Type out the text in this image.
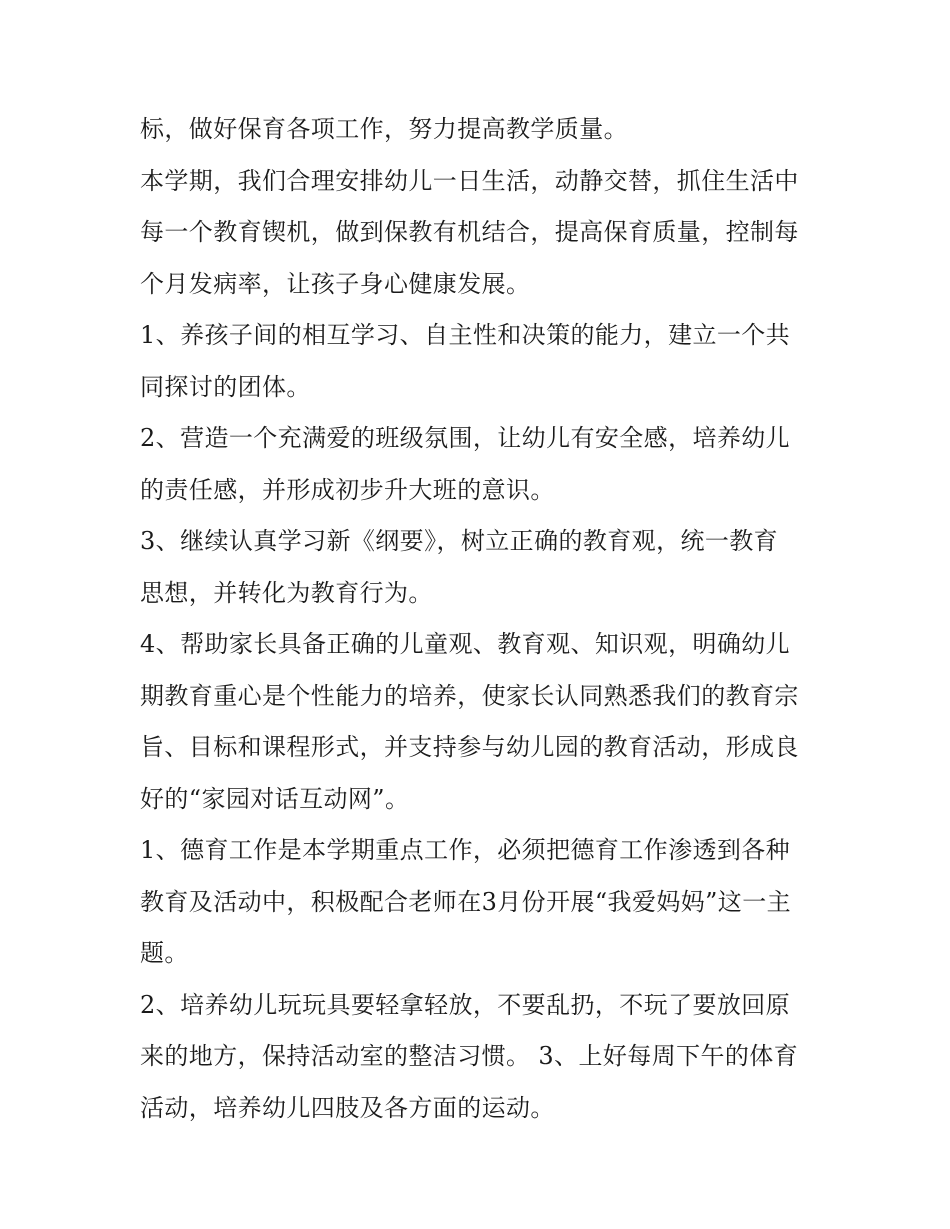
标，做好保育各项工作，努力提高教学质量。
本学期，我们合理安排幼儿一日生活，动静交替，抓住生活中
每一个教育锲机，做到保教有机结合，提高保育质量，控制每
个月发病率，让孩子身心健康发展。
1、养孩子间的相互学习、自主性和决策的能力，建立一个共
同探讨的团体。
2、营造一个充满爱的班级氛围，让幼儿有安全感，培养幼儿
的责任感，并形成初步升大班的意识。
3、继续认真学习新《纲要》，树立正确的教育观，统一教育
思想，并转化为教育行为。
4、帮助家长具备正确的儿童观、教育观、知识观，明确幼儿
期教育重心是个性能力的培养，使家长认同熟悉我们的教育宗
旨、目标和课程形式，并支持参与幼儿园的教育活动，形成良
好的“家园对话互动网”。
1、德育工作是本学期重点工作，必须把德育工作渗透到各种
教育及活动中，积极配合老师在3月份开展“我爱妈妈”这一主
题。
2、培养幼儿玩玩具要轻拿轻放，不要乱扔，不玩了要放回原
来的地方，保持活动室的整洁习惯。 3、上好每周下午的体育
活动，培养幼儿四肢及各方面的运动。
